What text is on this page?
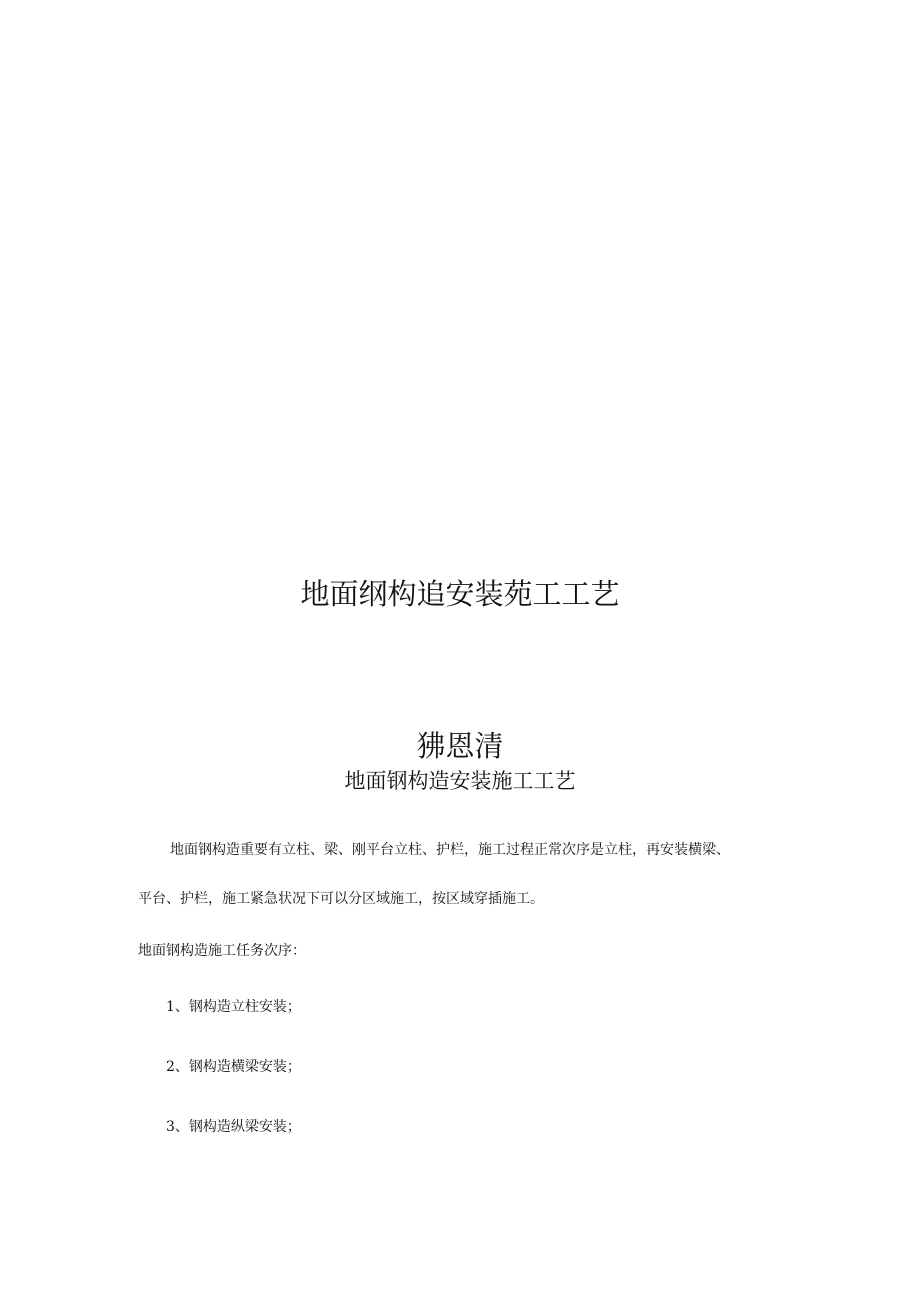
地面纲构追安装苑工工艺
狒恩清
地面钢构造安装施工工艺
地面钢构造重要有立柱、梁、刚平台立柱、护栏，施工过程正常次序是立柱，再安装横梁、
平台、护栏，施工紧急状况下可以分区域施工，按区域穿插施工。
地面钢构造施工任务次序：
1、钢构造立柱安装；
2、钢构造横梁安装；
3、钢构造纵梁安装；
